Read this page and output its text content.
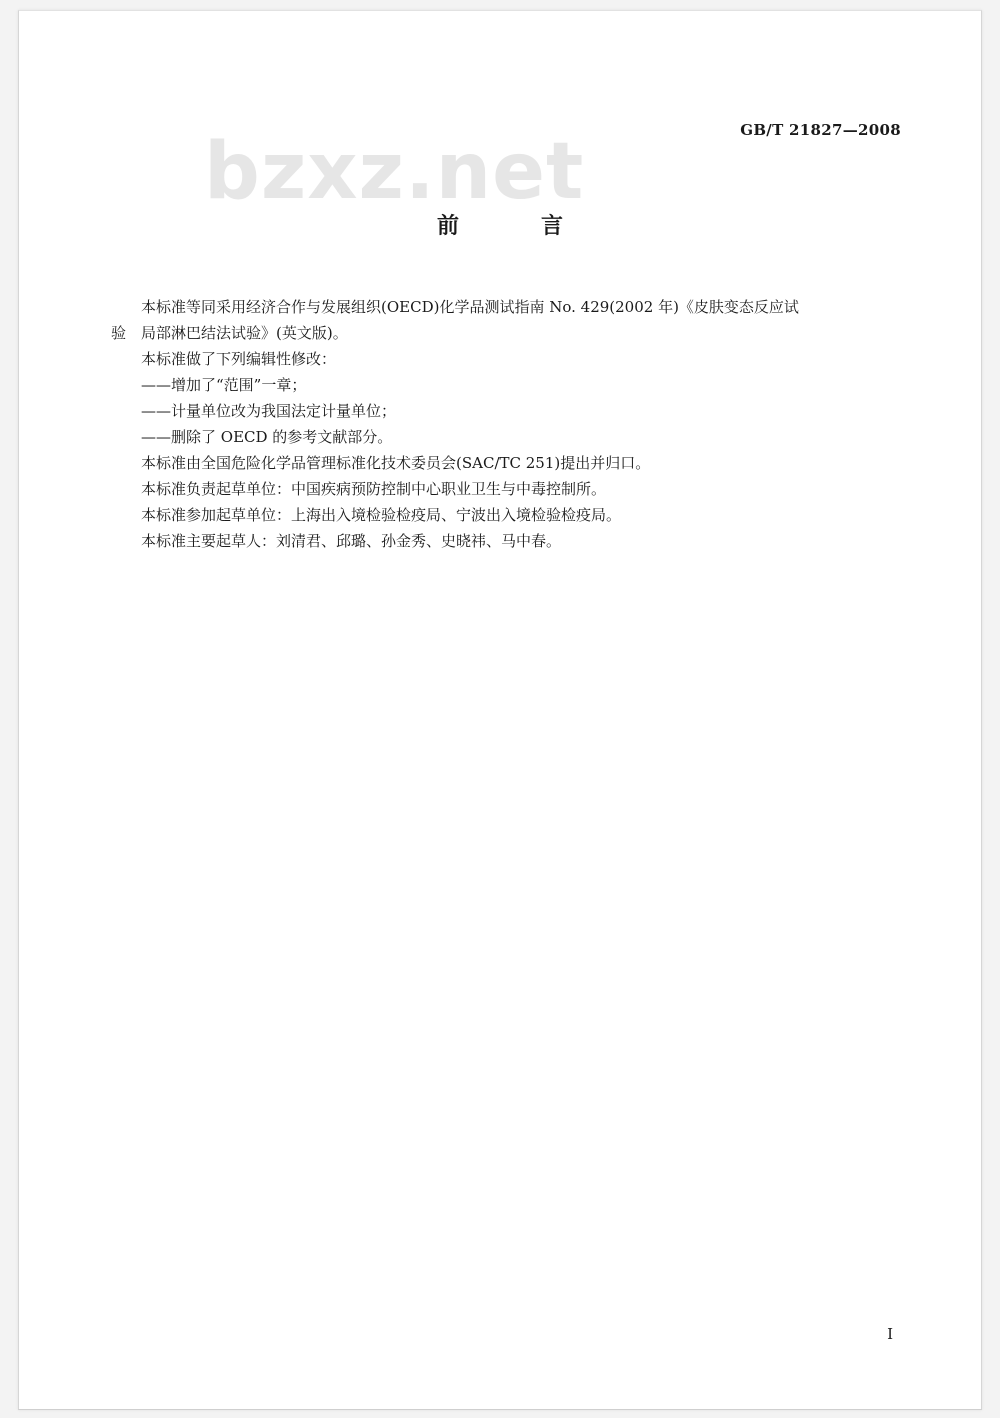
bzxz.net	GB/T 21827—2008
前　言

本标准等同采用经济合作与发展组织(OECD)化学品测试指南 No. 429(2002 年)《皮肤变态反应试

验　局部淋巴结法试验》(英文版)。

本标准做了下列编辑性修改：

——增加了“范围”一章；

——计量单位改为我国法定计量单位；

——删除了 OECD 的参考文献部分。

本标准由全国危险化学品管理标准化技术委员会(SAC/TC 251)提出并归口。

本标准负责起草单位：中国疾病预防控制中心职业卫生与中毒控制所。

本标准参加起草单位：上海出入境检验检疫局、宁波出入境检验检疫局。

本标准主要起草人：刘清君、邱璐、孙金秀、史晓祎、马中春。

I
